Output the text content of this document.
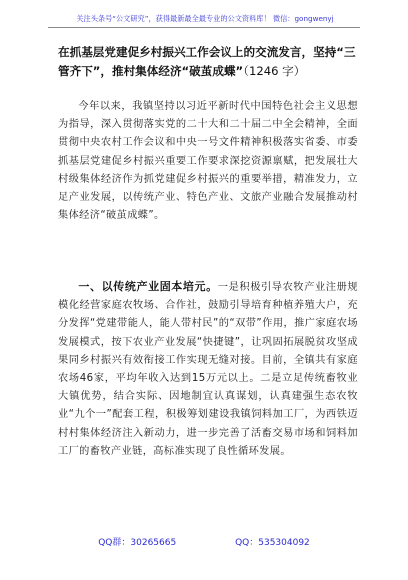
关注头条号“公文研究”，获得最新最全最专业的公文资料库！ 微信：gongwenyj
在抓基层党建促乡村振兴工作会议上的交流发言，坚持“三管齐下”，推村集体经济“破茧成蝶”（1246 字）
今年以来，我镇坚持以习近平新时代中国特色社会主义思想为指导，深入贯彻落实党的二十大和二十届二中全会精神，全面贯彻中央农村工作会议和中央一号文件精神积极落实省委、市委抓基层党建促乡村振兴重要工作要求深挖资源禀赋，把发展壮大村级集体经济作为抓党建促乡村振兴的重要举措，精准发力，立足产业发展，以传统产业、特色产业、文旅产业融合发展推动村集体经济“破茧成蝶”。
一、以传统产业固本培元。一是积极引导农牧产业注册规模化经营家庭农牧场、合作社，鼓励引导培育种植养殖大户，充分发挥“党建带能人，能人带村民”的“双带”作用，推广家庭农场发展模式，按下农业产业发展“快捷键”，让巩固拓展脱贫攻坚成果同乡村振兴有效衔接工作实现无缝对接。目前，全镇共有家庭农场46家，平均年收入达到15万元以上。二是立足传统畜牧业大镇优势，结合实际、因地制宜认真谋划，认真建强生态农牧业“九个一”配套工程，积极筹划建设我镇饲料加工厂，为西铁迈村村集体经济注入新动力，进一步完善了活畜交易市场和饲料加工厂的畜牧产业链，高标准实现了良性循环发展。
QQ群：30265665	QQ：535304092
